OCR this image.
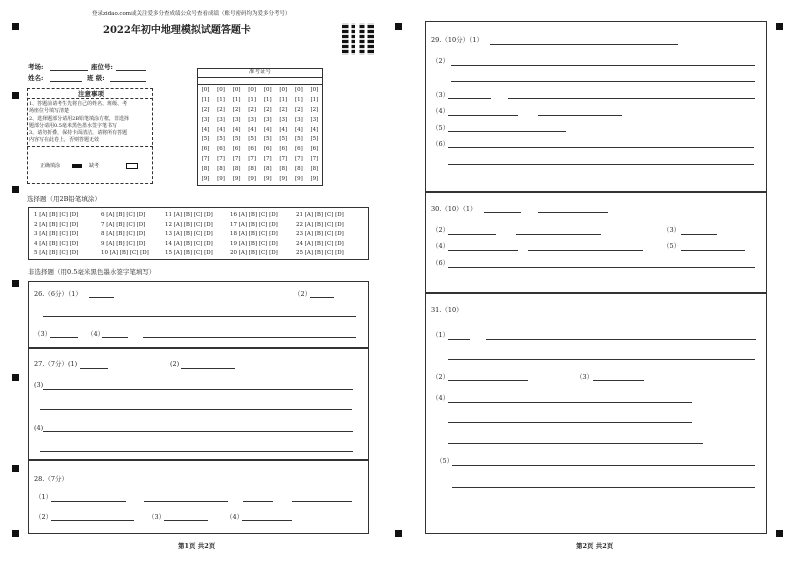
登录zidao.com或关注爱多分查成绩公众号查看成绩（账号密码均为爱多分考号）
2022年初中地理模拟试题答题卡
考场:	座位号:
姓名:	班 级:
注意事项
1、答题前请考生先将自己的姓名、班级、考
场座位号填写清楚
2、选择题部分请用2B铅笔填涂方框，非选择
题部分请用0.5毫米黑色墨水签字笔书写
3、请勿折叠，保持卡面清洁，请将所有答题
内容写在此卷上，否则答题无效
正确填涂	缺考
准考证号
[0]	[0]	[0]	[0]	[0]	[0]	[0]	[0]
[1]	[1]	[1]	[1]	[1]	[1]	[1]	[1]
[2]	[2]	[2]	[2]	[2]	[2]	[2]	[2]
[3]	[3]	[3]	[3]	[3]	[3]	[3]	[3]
[4]	[4]	[4]	[4]	[4]	[4]	[4]	[4]
[5]	[5]	[5]	[5]	[5]	[5]	[5]	[5]
[6]	[6]	[6]	[6]	[6]	[6]	[6]	[6]
[7]	[7]	[7]	[7]	[7]	[7]	[7]	[7]
[8]	[8]	[8]	[8]	[8]	[8]	[8]	[8]
[9]	[9]	[9]	[9]	[9]	[9]	[9]	[9]
选择题（用2B铅笔填涂）
1 [A] [B] [C] [D]	6 [A] [B] [C] [D]	11 [A] [B] [C] [D]	16 [A] [B] [C] [D]	21 [A] [B] [C] [D]
2 [A] [B] [C] [D]	7 [A] [B] [C] [D]	12 [A] [B] [C] [D]	17 [A] [B] [C] [D]	22 [A] [B] [C] [D]
3 [A] [B] [C] [D]	8 [A] [B] [C] [D]	13 [A] [B] [C] [D]	18 [A] [B] [C] [D]	23 [A] [B] [C] [D]
4 [A] [B] [C] [D]	9 [A] [B] [C] [D]	14 [A] [B] [C] [D]	19 [A] [B] [C] [D]	24 [A] [B] [C] [D]
5 [A] [B] [C] [D]	10 [A] [B] [C] [D]	15 [A] [B] [C] [D]	20 [A] [B] [C] [D]	25 [A] [B] [C] [D]
非选择题（用0.5毫米黑色墨水签字笔填写）
26.（6分）（1）	（2）
（3）	（4）
27.（7分）(1)	(2)
(3)
(4)
28.（7分）
（1）
（2）	（3）	（4）
第1页 共2页
29.（10分）（1）
（2）
（3）
（4）
（5）
（6）
30.（10）（1）
（2）	（3）
（4）	（5）
（6）
31.（10）
（1）
（2）	（3）
（4）
（5）
第2页 共2页
